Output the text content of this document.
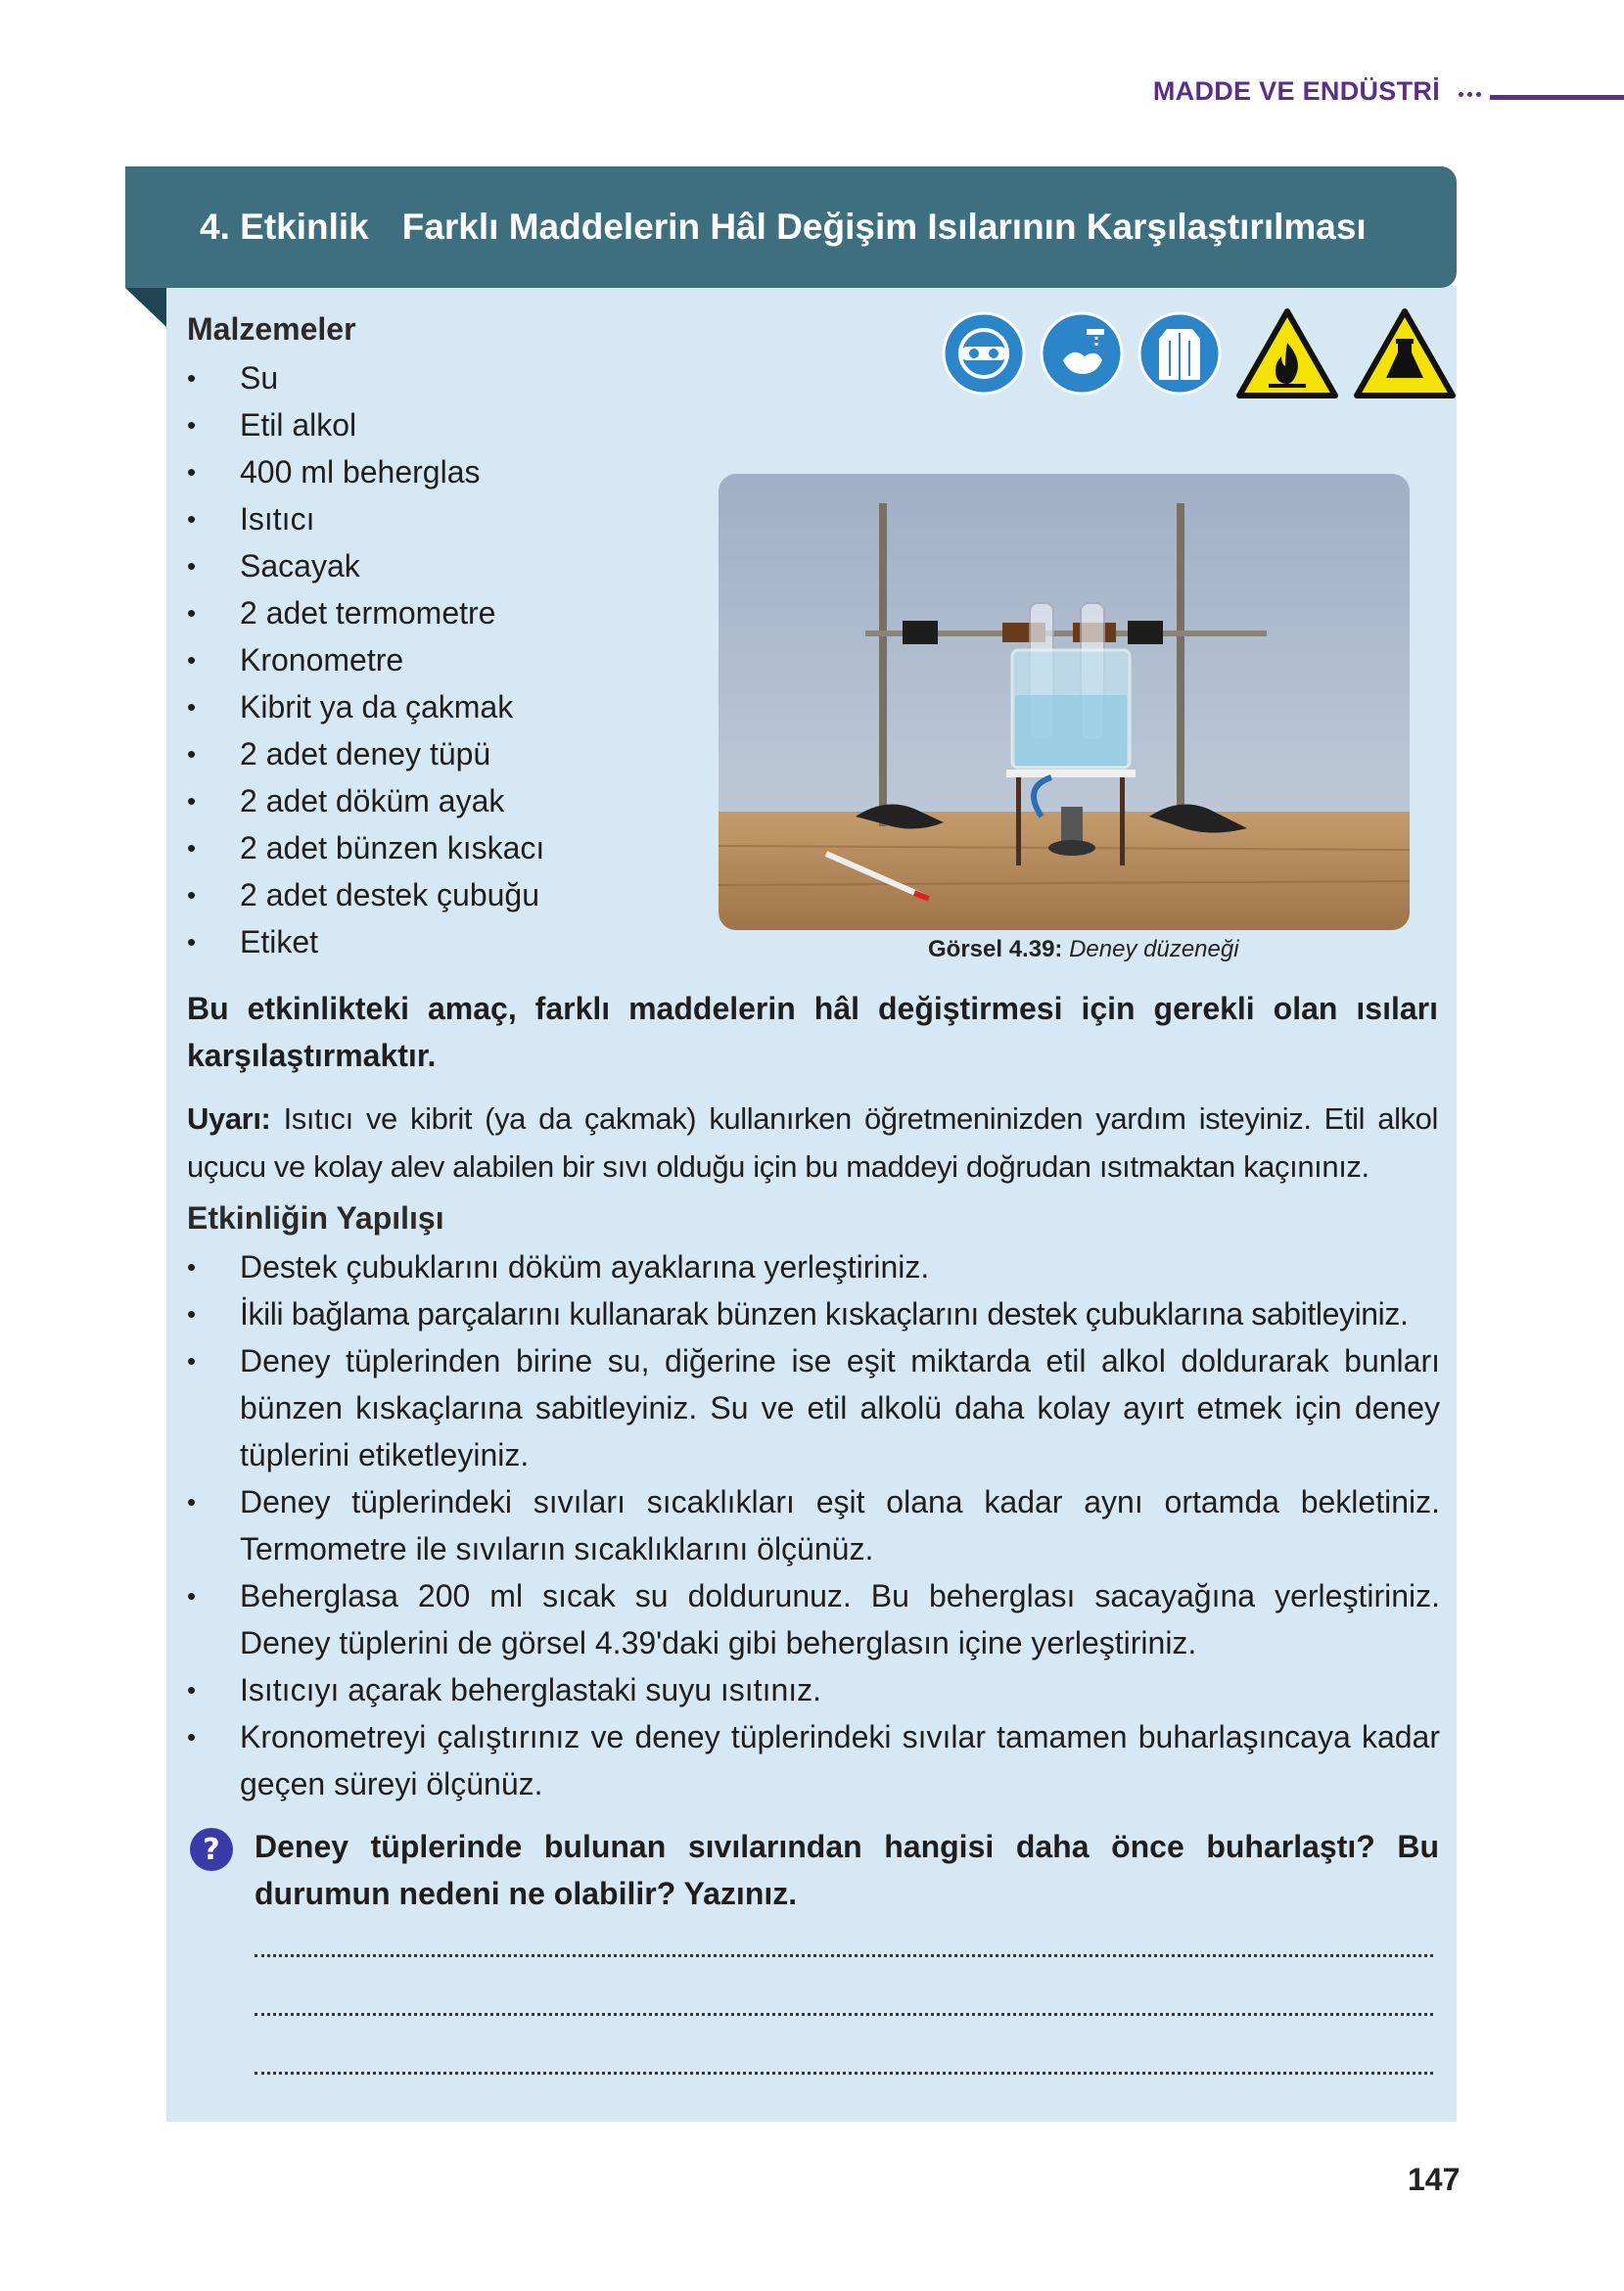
MADDE VE ENDÜSTRİ
4. Etkinlik Farklı Maddelerin Hâl Değişim Isılarının Karşılaştırılması
Malzemeler
• Su
• Etil alkol
• 400 ml beherglas
• Isıtıcı
• Sacayak
• 2 adet termometre
• Kronometre
• Kibrit ya da çakmak
• 2 adet deney tüpü
• 2 adet döküm ayak
• 2 adet bünzen kıskacı
• 2 adet destek çubuğu
• Etiket	Görsel 4.39: Deney düzeneği
Bu etkinlikteki amaç, farklı maddelerin hâl değiştirmesi için gerekli olan ısıları karşılaştırmaktır.
Uyarı: Isıtıcı ve kibrit (ya da çakmak) kullanırken öğretmeninizden yardım isteyiniz. Etil alkol uçucu ve kolay alev alabilen bir sıvı olduğu için bu maddeyi doğrudan ısıtmaktan kaçınınız.
Etkinliğin Yapılışı
• Destek çubuklarını döküm ayaklarına yerleştiriniz.
• İkili bağlama parçalarını kullanarak bünzen kıskaçlarını destek çubuklarına sabitleyiniz.
• Deney tüplerinden birine su, diğerine ise eşit miktarda etil alkol doldurarak bunları bünzen kıskaçlarına sabitleyiniz. Su ve etil alkolü daha kolay ayırt etmek için deney tüplerini etiketleyiniz.
• Deney tüplerindeki sıvıları sıcaklıkları eşit olana kadar aynı ortamda bekletiniz. Termometre ile sıvıların sıcaklıklarını ölçünüz.
• Beherglasa 200 ml sıcak su doldurunuz. Bu beherglası sacayağına yerleştiriniz. Deney tüplerini de görsel 4.39'daki gibi beherglasın içine yerleştiriniz.
• Isıtıcıyı açarak beherglastaki suyu ısıtınız.
• Kronometreyi çalıştırınız ve deney tüplerindeki sıvılar tamamen buharlaşıncaya kadar geçen süreyi ölçünüz.
? Deney tüplerinde bulunan sıvılarından hangisi daha önce buharlaştı? Bu durumun nedeni ne olabilir? Yazınız.
147
